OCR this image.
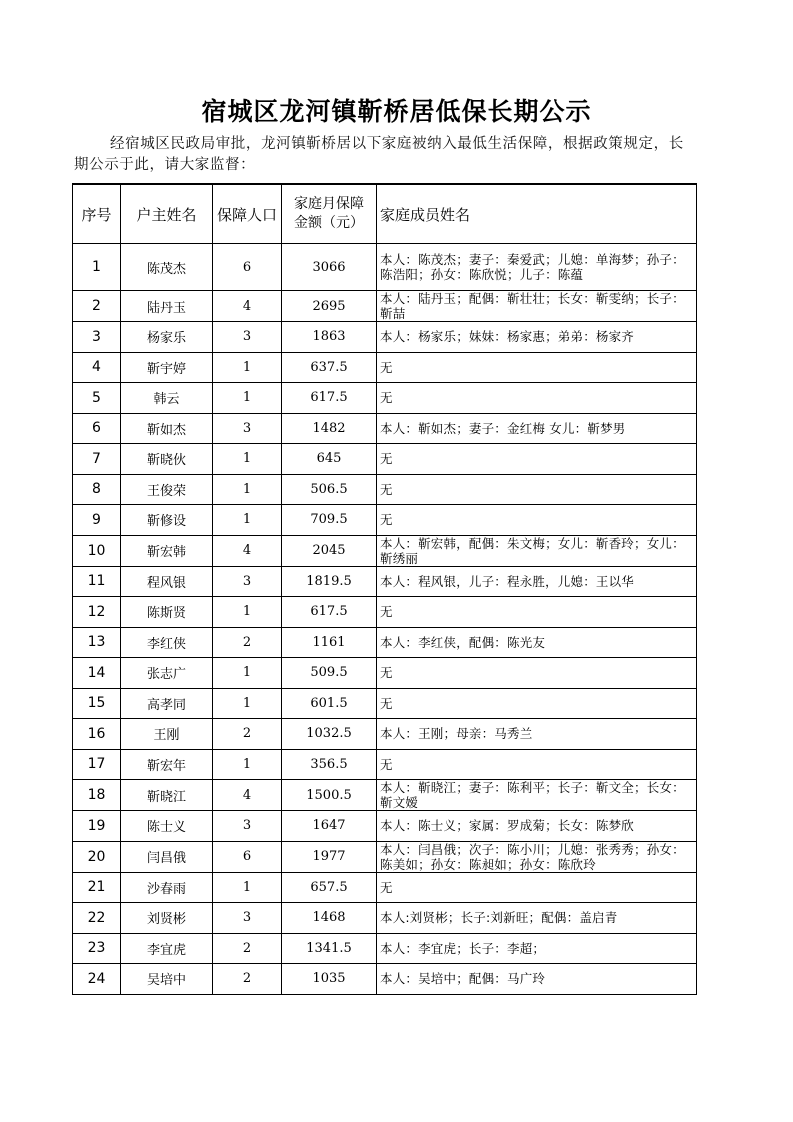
宿城区龙河镇靳桥居低保长期公示
经宿城区民政局审批，龙河镇靳桥居以下家庭被纳入最低生活保障，根据政策规定，长期公示于此，请大家监督：
序号	户主姓名	保障人口	家庭月保障
金额（元）	家庭成员姓名
1	陈茂杰	6	3066	本人：陈茂杰；妻子：秦爱武；儿媳：单海梦；孙子：陈浩阳；孙女：陈欣悦；儿子：陈蕴

2	陆丹玉	4	2695	本人：陆丹玉；配偶：靳壮壮；长女：靳雯纳；长子：靳喆

3	杨家乐	3	1863	本人：杨家乐；妹妹：杨家惠；弟弟：杨家齐

4	靳宇婷	1	637.5	无

5	韩云	1	617.5	无

6	靳如杰	3	1482	本人：靳如杰；妻子：金红梅 女儿：靳梦男

7	靳晓伙	1	645	无

8	王俊荣	1	506.5	无

9	靳修设	1	709.5	无

10	靳宏韩	4	2045	本人：靳宏韩，配偶：朱文梅；女儿：靳香玲；女儿：靳绣丽

11	程风银	3	1819.5	本人：程风银，儿子：程永胜，儿媳：王以华

12	陈斯贤	1	617.5	无

13	李红侠	2	1161	本人：李红侠，配偶：陈光友

14	张志广	1	509.5	无

15	高孝同	1	601.5	无

16	王刚	2	1032.5	本人：王刚；母亲：马秀兰

17	靳宏年	1	356.5	无

18	靳晓江	4	1500.5	本人：靳晓江；妻子：陈利平；长子：靳文全；长女：靳文嫒

19	陈士义	3	1647	本人：陈士义；家属：罗成菊；长女：陈梦欣

20	闫昌俄	6	1977	本人：闫昌俄；次子：陈小川；儿媳：张秀秀；孙女：陈美如；孙女：陈昶如；孙女：陈欣玲

21	沙春雨	1	657.5	无

22	刘贤彬	3	1468	本人:刘贤彬；长子:刘新旺；配偶：盖启青

23	李宜虎	2	1341.5	本人：李宜虎；长子：李超；

24	吴培中	2	1035	本人：吴培中；配偶：马广玲
